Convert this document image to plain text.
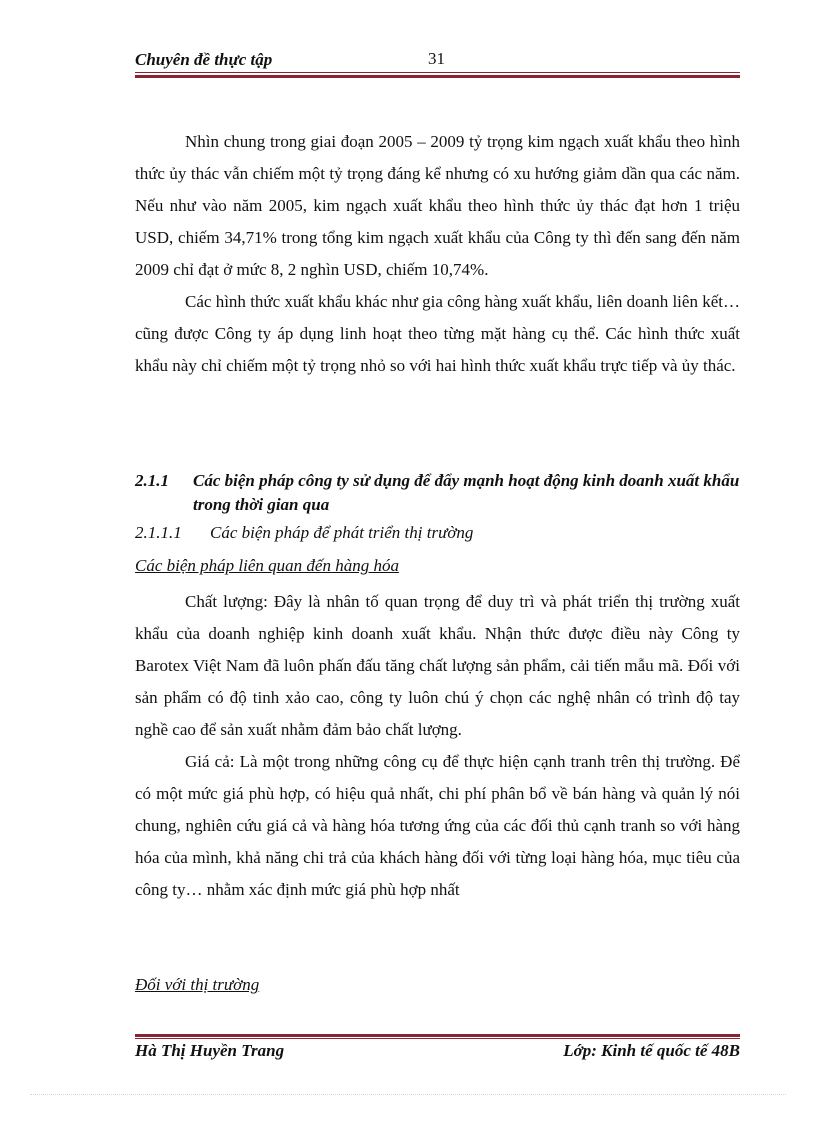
Chuyên đề thực tập	31

Nhìn chung trong giai đoạn 2005 – 2009 tỷ trọng kim ngạch xuất khẩu theo hình thức ủy thác vẫn chiếm một tỷ trọng đáng kể nhưng có xu hướng giảm dần qua các năm. Nếu như vào năm 2005, kim ngạch xuất khẩu theo hình thức ủy thác đạt hơn 1 triệu USD, chiếm 34,71% trong tổng kim ngạch xuất khẩu của Công ty thì đến sang đến năm 2009 chỉ đạt ở mức 8, 2 nghìn USD, chiếm 10,74%.

Các hình thức xuất khẩu khác như gia công hàng xuất khẩu, liên doanh liên kết… cũng được Công ty áp dụng linh hoạt theo từng mặt hàng cụ thể. Các hình thức xuất khẩu này chỉ chiếm một tỷ trọng nhỏ so với hai hình thức xuất khẩu trực tiếp và ủy thác.

2.1.1 Các biện pháp công ty sử dụng để đẩy mạnh hoạt động kinh doanh xuất khẩu trong thời gian qua
2.1.1.1 Các biện pháp để phát triển thị trường
Các biện pháp liên quan đến hàng hóa

Chất lượng: Đây là nhân tố quan trọng để duy trì và phát triển thị trường xuất khẩu của doanh nghiệp kinh doanh xuất khẩu. Nhận thức được điều này Công ty Barotex Việt Nam đã luôn phấn đấu tăng chất lượng sản phẩm, cải tiến mẫu mã. Đối với sản phẩm có độ tinh xảo cao, công ty luôn chú ý chọn các nghệ nhân có trình độ tay nghề cao để sản xuất nhằm đảm bảo chất lượng.

Giá cả: Là một trong những công cụ để thực hiện cạnh tranh trên thị trường. Để có một mức giá phù hợp, có hiệu quả nhất, chi phí phân bổ về bán hàng và quản lý nói chung, nghiên cứu giá cả và hàng hóa tương ứng của các đối thủ cạnh tranh so với hàng hóa của mình, khả năng chi trả của khách hàng đối với từng loại hàng hóa, mục tiêu của công ty… nhằm xác định mức giá phù hợp nhất

Đối với thị trường
Hà Thị Huyền Trang	Lớp: Kinh tế quốc tế 48B
